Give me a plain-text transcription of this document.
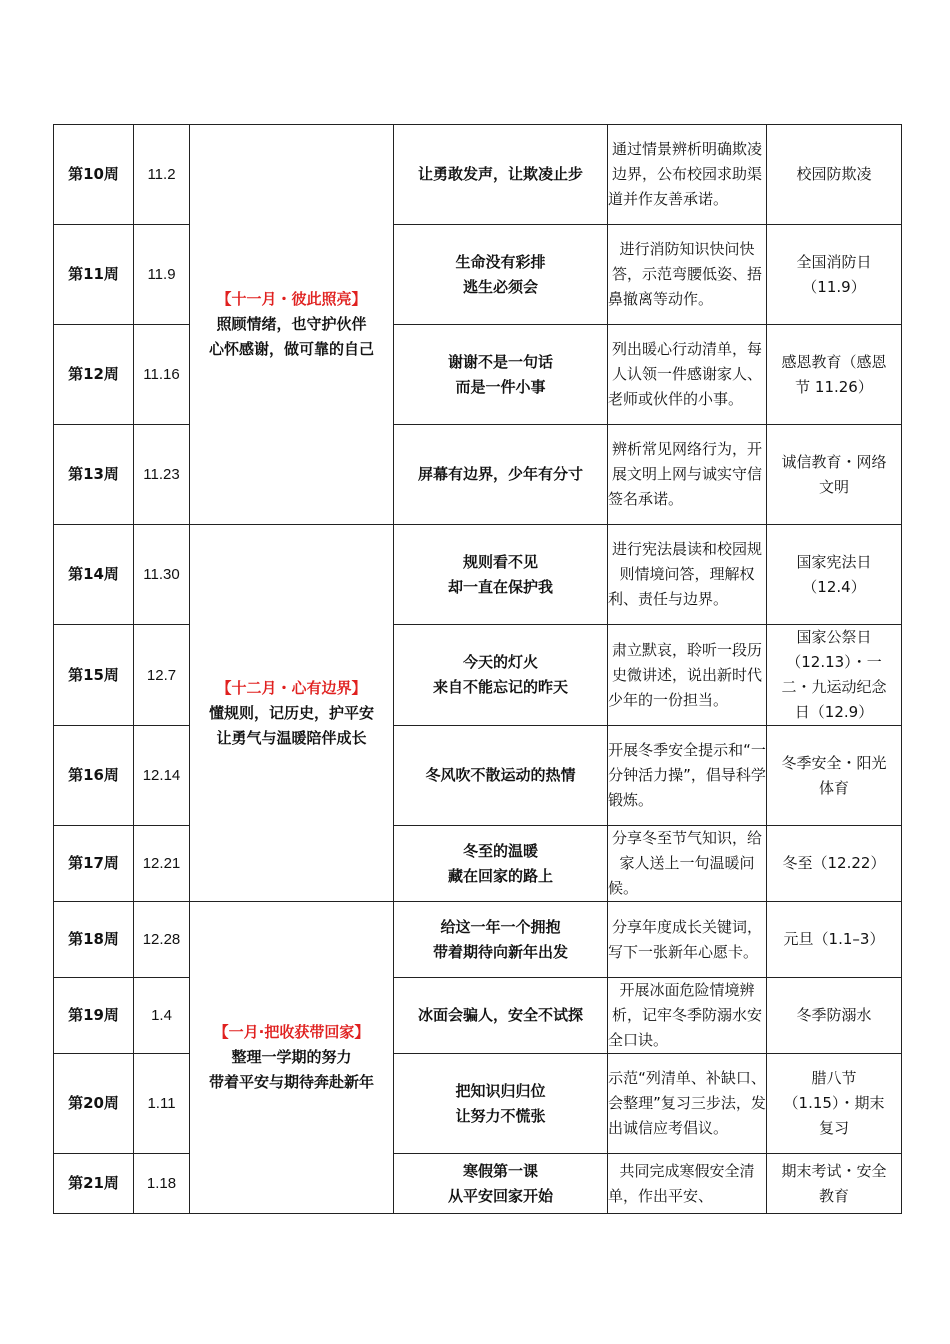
第10周	11.2	【十一月・彼此照亮】
照顾情绪，也守护伙伴
心怀感谢，做可靠的自己	让勇敢发声，让欺凌止步	通过情景辨析明确欺凌边界，公布校园求助渠道并作友善承诺。	校园防欺凌

第11周	11.9		生命没有彩排
逃生必须会	进行消防知识快问快答，示范弯腰低姿、捂鼻撤离等动作。	全国消防日
（11.9）

第12周	11.16		谢谢不是一句话
而是一件小事	列出暖心行动清单，每人认领一件感谢家人、老师或伙伴的小事。	感恩教育（感恩
节 11.26）

第13周	11.23		屏幕有边界，少年有分寸	辨析常见网络行为，开展文明上网与诚实守信签名承诺。	诚信教育・网络
文明

第14周	11.30	【十二月・心有边界】
懂规则，记历史，护平安
让勇气与温暖陪伴成长	规则看不见
却一直在保护我	进行宪法晨读和校园规则情境问答，理解权利、责任与边界。	国家宪法日
（12.4）

第15周	12.7		今天的灯火
来自不能忘记的昨天	肃立默哀，聆听一段历史微讲述，说出新时代少年的一份担当。	国家公祭日
（12.13）・一
二・九运动纪念
日（12.9）

第16周	12.14		冬风吹不散运动的热情	开展冬季安全提示和“一分钟活力操”，倡导科学锻炼。	冬季安全・阳光
体育

第17周	12.21		冬至的温暖
藏在回家的路上	分享冬至节气知识，给家人送上一句温暖问候。	冬至（12.22）

第18周	12.28	【一月·把收获带回家】
整理一学期的努力
带着平安与期待奔赴新年	给这一年一个拥抱
带着期待向新年出发	分享年度成长关键词，写下一张新年心愿卡。	元旦（1.1–3）

第19周	1.4		冰面会骗人，安全不试探	开展冰面危险情境辨析，记牢冬季防溺水安全口诀。	冬季防溺水

第20周	1.11		把知识归归位
让努力不慌张	示范“列清单、补缺口、会整理”复习三步法，发出诚信应考倡议。	腊八节
（1.15）・期末
复习

第21周	1.18		寒假第一课
从平安回家开始	共同完成寒假安全清单，作出平安、	期末考试・安全
教育
